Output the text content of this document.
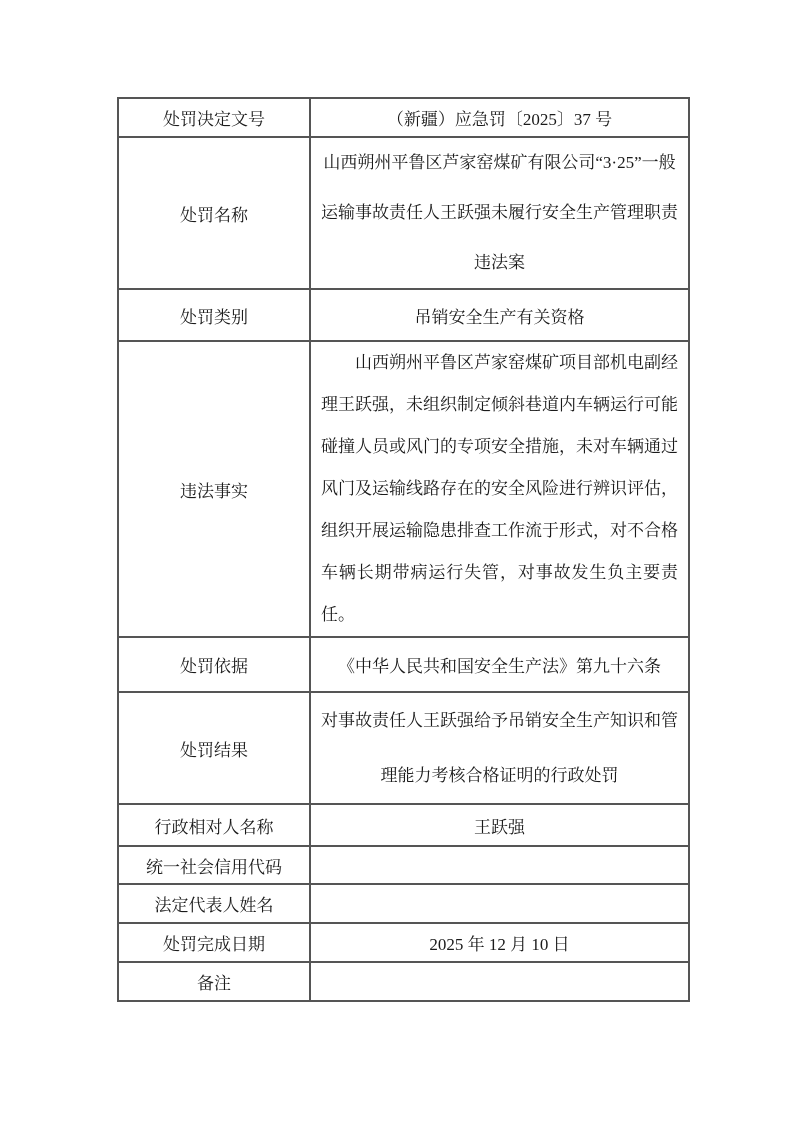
处罚决定文号	（新疆）应急罚〔2025〕37 号
处罚名称	山西朔州平鲁区芦家窑煤矿有限公司“3·25”一般运输事故责任人王跃强未履行安全生产管理职责违法案
处罚类别	吊销安全生产有关资格
违法事实	山西朔州平鲁区芦家窑煤矿项目部机电副经理王跃强，未组织制定倾斜巷道内车辆运行可能碰撞人员或风门的专项安全措施，未对车辆通过风门及运输线路存在的安全风险进行辨识评估，组织开展运输隐患排查工作流于形式，对不合格车辆长期带病运行失管，对事故发生负主要责任。
处罚依据	《中华人民共和国安全生产法》第九十六条
处罚结果	对事故责任人王跃强给予吊销安全生产知识和管理能力考核合格证明的行政处罚
行政相对人名称	王跃强
统一社会信用代码	
法定代表人姓名	
处罚完成日期	2025 年 12 月 10 日
备注	
